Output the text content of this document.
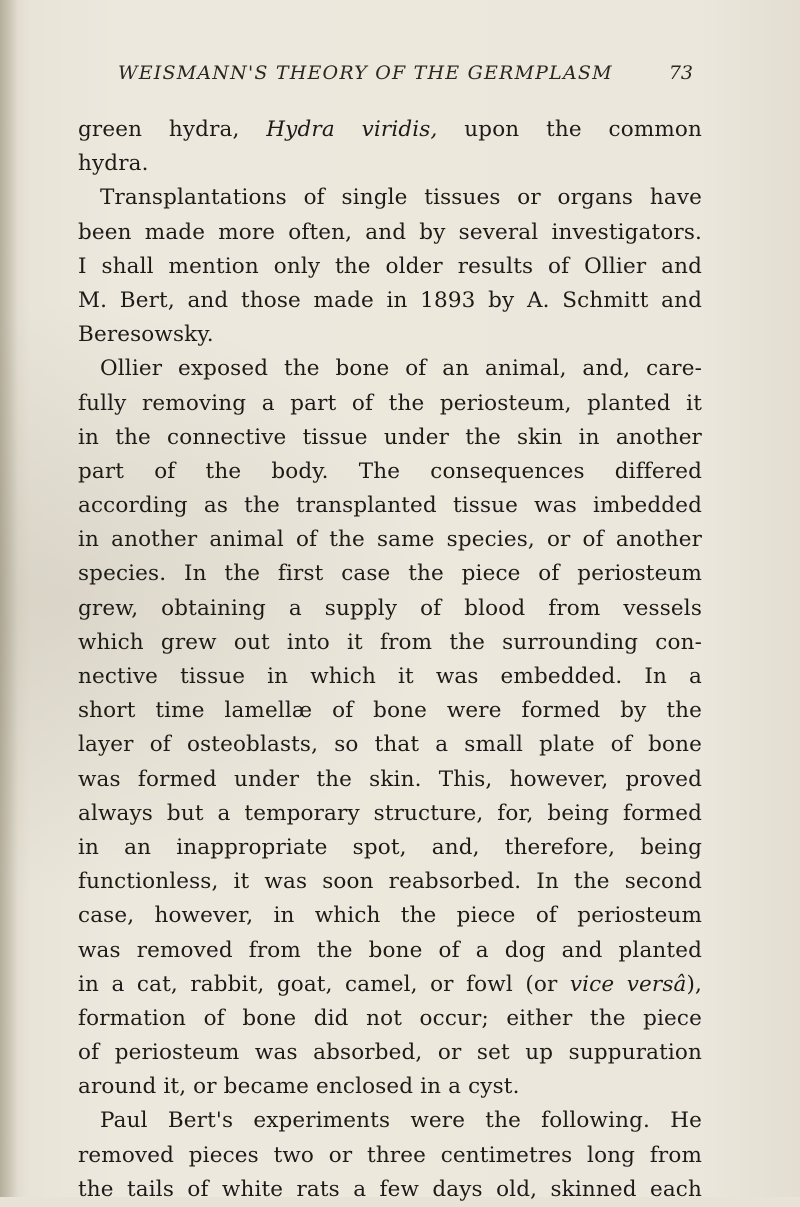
WEISMANN'S THEORY OF THE GERMPLASM	73
green hydra, Hydra viridis, upon the common
hydra.
Transplantations of single tissues or organs have
been made more often, and by several investigators.
I shall mention only the older results of Ollier and
M. Bert, and those made in 1893 by A. Schmitt and
Beresowsky.
Ollier exposed the bone of an animal, and, care-
fully removing a part of the periosteum, planted it
in the connective tissue under the skin in another
part of the body. The consequences differed
according as the transplanted tissue was imbedded
in another animal of the same species, or of another
species. In the first case the piece of periosteum
grew, obtaining a supply of blood from vessels
which grew out into it from the surrounding con-
nective tissue in which it was embedded. In a
short time lamellæ of bone were formed by the
layer of osteoblasts, so that a small plate of bone
was formed under the skin. This, however, proved
always but a temporary structure, for, being formed
in an inappropriate spot, and, therefore, being
functionless, it was soon reabsorbed. In the second
case, however, in which the piece of periosteum
was removed from the bone of a dog and planted
in a cat, rabbit, goat, camel, or fowl (or vice versâ),
formation of bone did not occur; either the piece
of periosteum was absorbed, or set up suppuration
around it, or became enclosed in a cyst.
Paul Bert's experiments were the following. He
removed pieces two or three centimetres long from
the tails of white rats a few days old, skinned each
